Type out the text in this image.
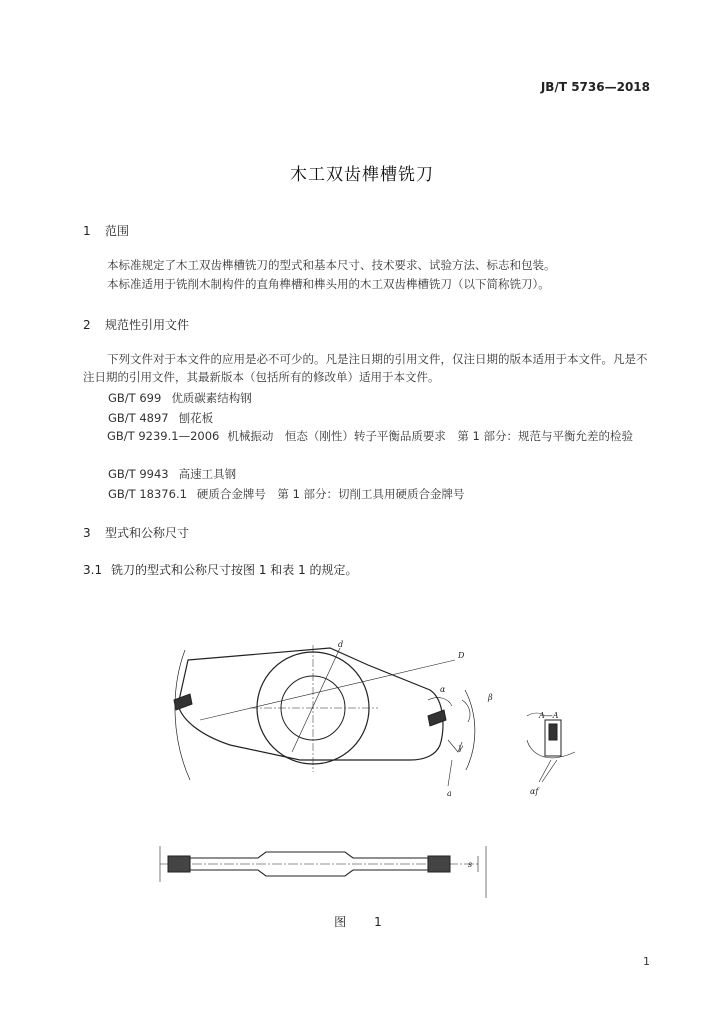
JB/T 5736—2018
木工双齿榫槽铣刀
1 范围
本标准规定了木工双齿榫槽铣刀的型式和基本尺寸、技术要求、试验方法、标志和包装。
本标准适用于铣削木制构件的直角榫槽和榫头用的木工双齿榫槽铣刀（以下简称铣刀）。
2 规范性引用文件
下列文件对于本文件的应用是必不可少的。凡是注日期的引用文件，仅注日期的版本适用于本文件。凡是不注日期的引用文件，其最新版本（包括所有的修改单）适用于本文件。
GB/T 699 优质碳素结构钢
GB/T 4897 刨花板
GB/T 9239.1—2006 机械振动　恒态（刚性）转子平衡品质要求　第 1 部分：规范与平衡允差的检验
GB/T 9943 高速工具钢
GB/T 18376.1 硬质合金牌号　第 1 部分：切削工具用硬质合金牌号
3 型式和公称尺寸
3.1 铣刀的型式和公称尺寸按图 1 和表 1 的规定。
d
D
α
β
γ
a
A—A
αf
s
图　1
1
